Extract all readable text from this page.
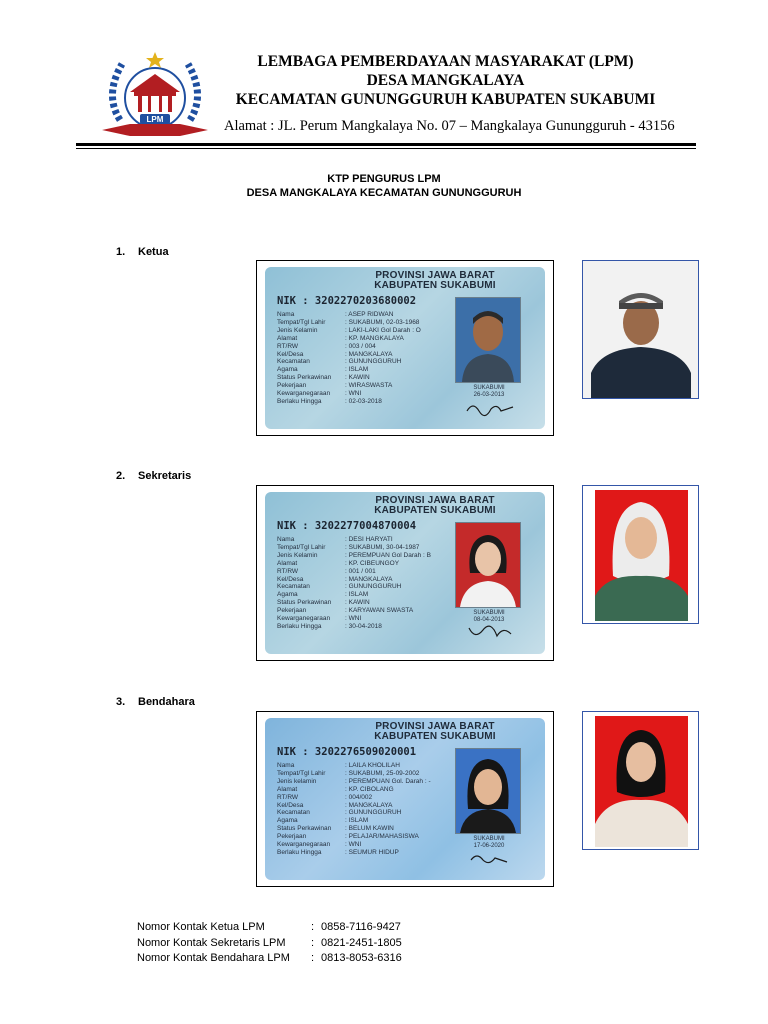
LPM
LEMBAGA PEMBERDAYAAN MASYARAKAT (LPM)
DESA MANGKALAYA
KECAMATAN GUNUNGGURUH KABUPATEN SUKABUMI
Alamat : JL. Perum Mangkalaya No. 07 – Mangkalaya Gunungguruh - 43156
KTP PENGURUS LPM
DESA MANGKALAYA KECAMATAN GUNUNGGURUH
1. Ketua
PROVINSI JAWA BARAT
KABUPATEN SUKABUMI
NIK : 3202270203680002
Nama	: ASEP RIDWAN
Tempat/Tgl Lahir	: SUKABUMI, 02-03-1968
Jenis Kelamin	: LAKI-LAKI Gol Darah : O
Alamat	: KP. MANGKALAYA
RT/RW	: 003 / 004
Kel/Desa	: MANGKALAYA
Kecamatan	: GUNUNGGURUH
Agama	: ISLAM
Status Perkawinan : KAWIN
Pekerjaan	: WIRASWASTA
Kewarganegaraan : WNI
Berlaku Hingga	: 02-03-2018
SUKABUMI
26-03-2013
2. Sekretaris
PROVINSI JAWA BARAT
KABUPATEN SUKABUMI
NIK : 3202277004870004
Nama	: DESI HARYATI
Tempat/Tgl Lahir	: SUKABUMI, 30-04-1987
Jenis Kelamin	: PEREMPUAN Gol Darah : B
Alamat	: KP. CIBEUNGOY
RT/RW	: 001 / 001
Kel/Desa	: MANGKALAYA
Kecamatan	: GUNUNGGURUH
Agama	: ISLAM
Status Perkawinan : KAWIN
Pekerjaan	: KARYAWAN SWASTA
Kewarganegaraan : WNI
Berlaku Hingga	: 30-04-2018
SUKABUMI
08-04-2013
3. Bendahara
PROVINSI JAWA BARAT
KABUPATEN SUKABUMI
NIK : 3202276509020001
Nama	: LAILA KHOLILAH
Tempat/Tgl Lahir	: SUKABUMI, 25-09-2002
Jenis kelamin	: PEREMPUAN Gol. Darah : -
Alamat	: KP. CIBOLANG
RT/RW	: 004/002
Kel/Desa	: MANGKALAYA
Kecamatan	: GUNUNGGURUH
Agama	: ISLAM
Status Perkawinan : BELUM KAWIN
Pekerjaan	: PELAJAR/MAHASISWA
Kewarganegaraan : WNI
Berlaku Hingga	: SEUMUR HIDUP
SUKABUMI
17-06-2020
Nomor Kontak Ketua LPM	: 0858-7116-9427
Nomor Kontak Sekretaris LPM : 0821-2451-1805
Nomor Kontak Bendahara LPM : 0813-8053-6316
